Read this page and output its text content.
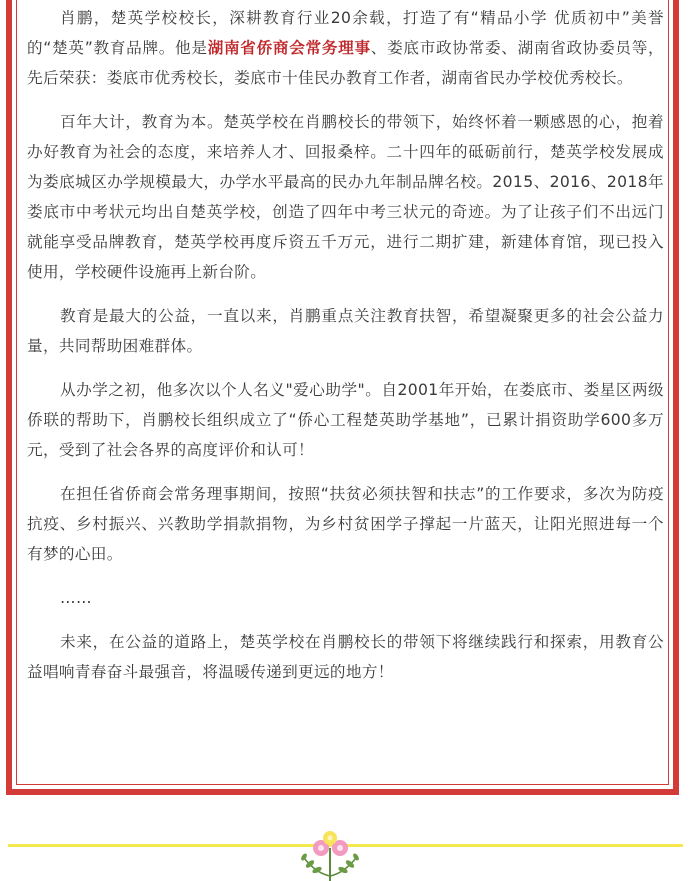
肖鹏，楚英学校校长，深耕教育行业20余载，打造了有“精品小学 优质初中”美誉的“楚英”教育品牌。他是湖南省侨商会常务理事、娄底市政协常委、湖南省政协委员等，先后荣获：娄底市优秀校长，娄底市十佳民办教育工作者，湖南省民办学校优秀校长。

百年大计，教育为本。楚英学校在肖鹏校长的带领下，始终怀着一颗感恩的心，抱着办好教育为社会的态度，来培养人才、回报桑梓。二十四年的砥砺前行，楚英学校发展成为娄底城区办学规模最大，办学水平最高的民办九年制品牌名校。2015、2016、2018年娄底市中考状元均出自楚英学校，创造了四年中考三状元的奇迹。为了让孩子们不出远门就能享受品牌教育，楚英学校再度斥资五千万元，进行二期扩建，新建体育馆，现已投入使用，学校硬件设施再上新台阶。

教育是最大的公益，一直以来，肖鹏重点关注教育扶智，希望凝聚更多的社会公益力量，共同帮助困难群体。

从办学之初，他多次以个人名义"爱心助学"。自2001年开始，在娄底市、娄星区两级侨联的帮助下，肖鹏校长组织成立了“侨心工程楚英助学基地”，已累计捐资助学600多万元，受到了社会各界的高度评价和认可！

在担任省侨商会常务理事期间，按照“扶贫必须扶智和扶志”的工作要求，多次为防疫抗疫、乡村振兴、兴教助学捐款捐物，为乡村贫困学子撑起一片蓝天，让阳光照进每一个有梦的心田。

……

未来，在公益的道路上，楚英学校在肖鹏校长的带领下将继续践行和探索，用教育公益唱响青春奋斗最强音，将温暖传递到更远的地方！
